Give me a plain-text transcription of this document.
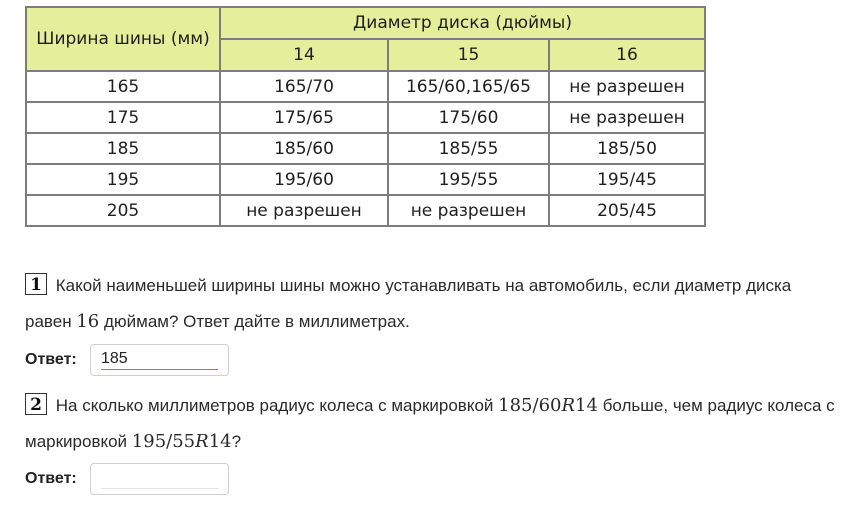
Ширина шины (мм)	Диаметр диска (дюймы)		
	14	15	16
165	165/70	165/60,165/65	не разрешен
175	175/65	175/60	не разрешен
185	185/60	185/55	185/50
195	195/60	195/55	195/45
205	не разрешен	не разрешен	205/45
1 Какой наименьшей ширины шины можно устанавливать на автомобиль, если диаметр диска равен 16 дюймам? Ответ дайте в миллиметрах.
Ответ:
185
2 На сколько миллиметров радиус колеса с маркировкой 185/60R14 больше, чем радиус колеса с маркировкой 195/55R14?
Ответ:
